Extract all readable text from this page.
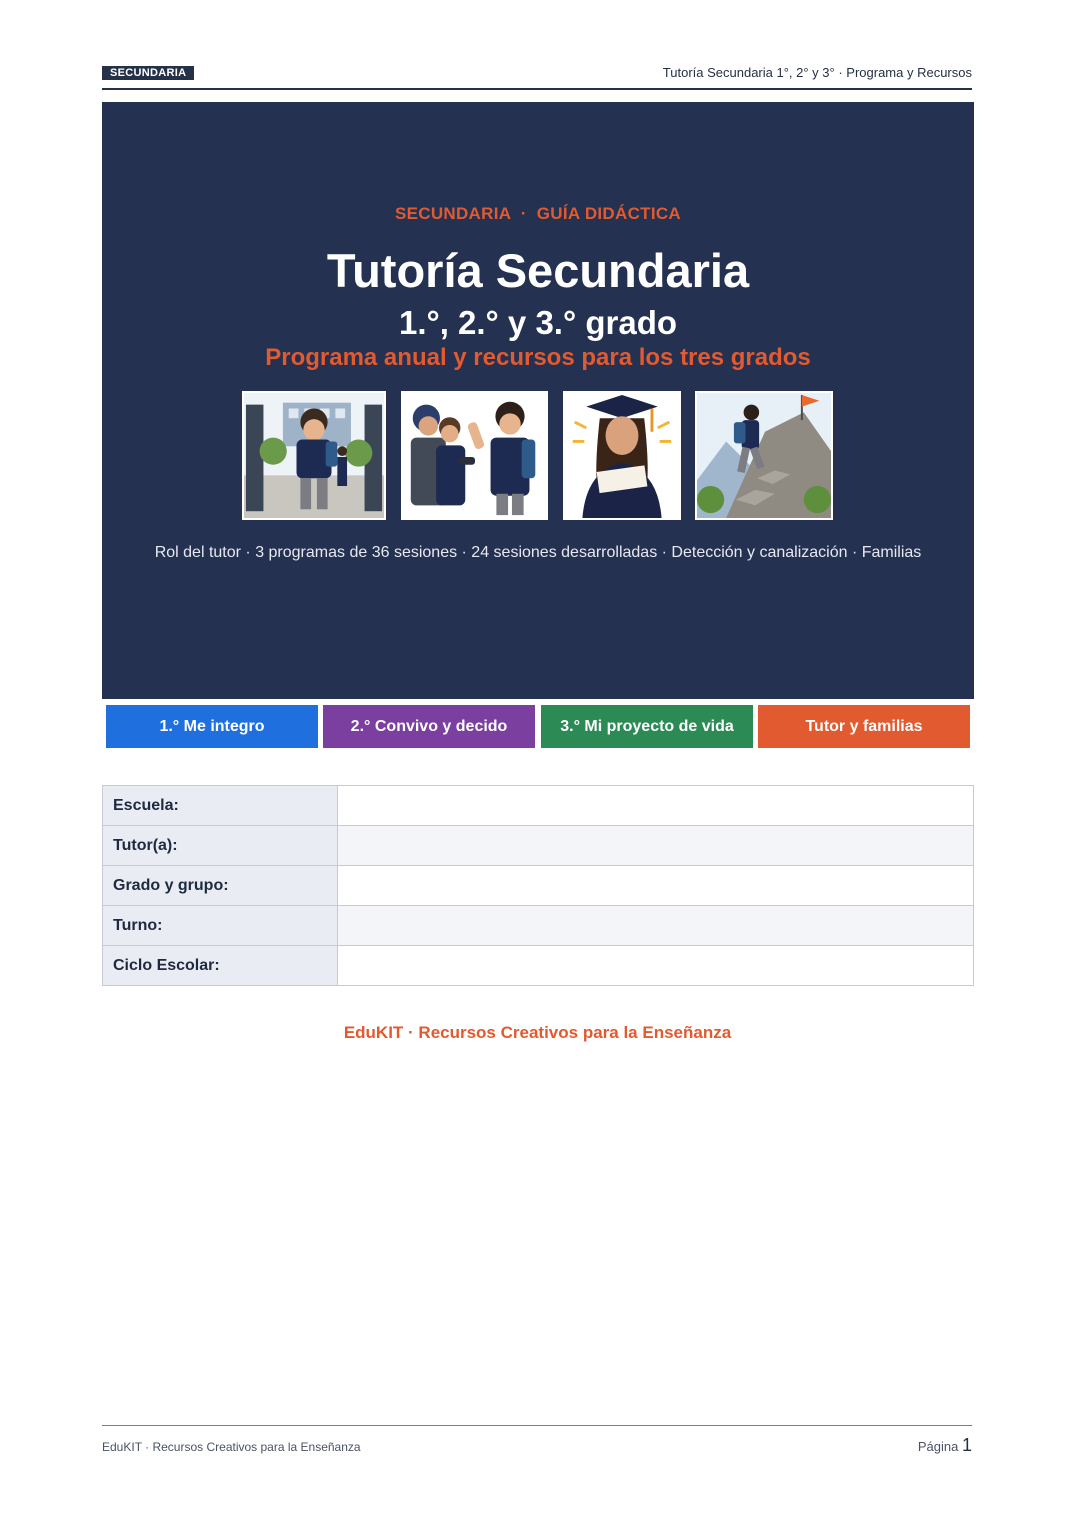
SECUNDARIA	Tutoría Secundaria 1°, 2° y 3° · Programa y Recursos
SECUNDARIA  ·  GUÍA DIDÁCTICA
Tutoría Secundaria
1.°, 2.° y 3.° grado
Programa anual y recursos para los tres grados
Rol del tutor · 3 programas de 36 sesiones · 24 sesiones desarrolladas · Detección y canalización · Familias
1.° Me integro	2.° Convivo y decido	3.° Mi proyecto de vida	Tutor y familias
Escuela:	
Tutor(a):	
Grado y grupo:	
Turno:	
Ciclo Escolar:	
EduKIT · Recursos Creativos para la Enseñanza
EduKIT · Recursos Creativos para la Enseñanza	Página 1
